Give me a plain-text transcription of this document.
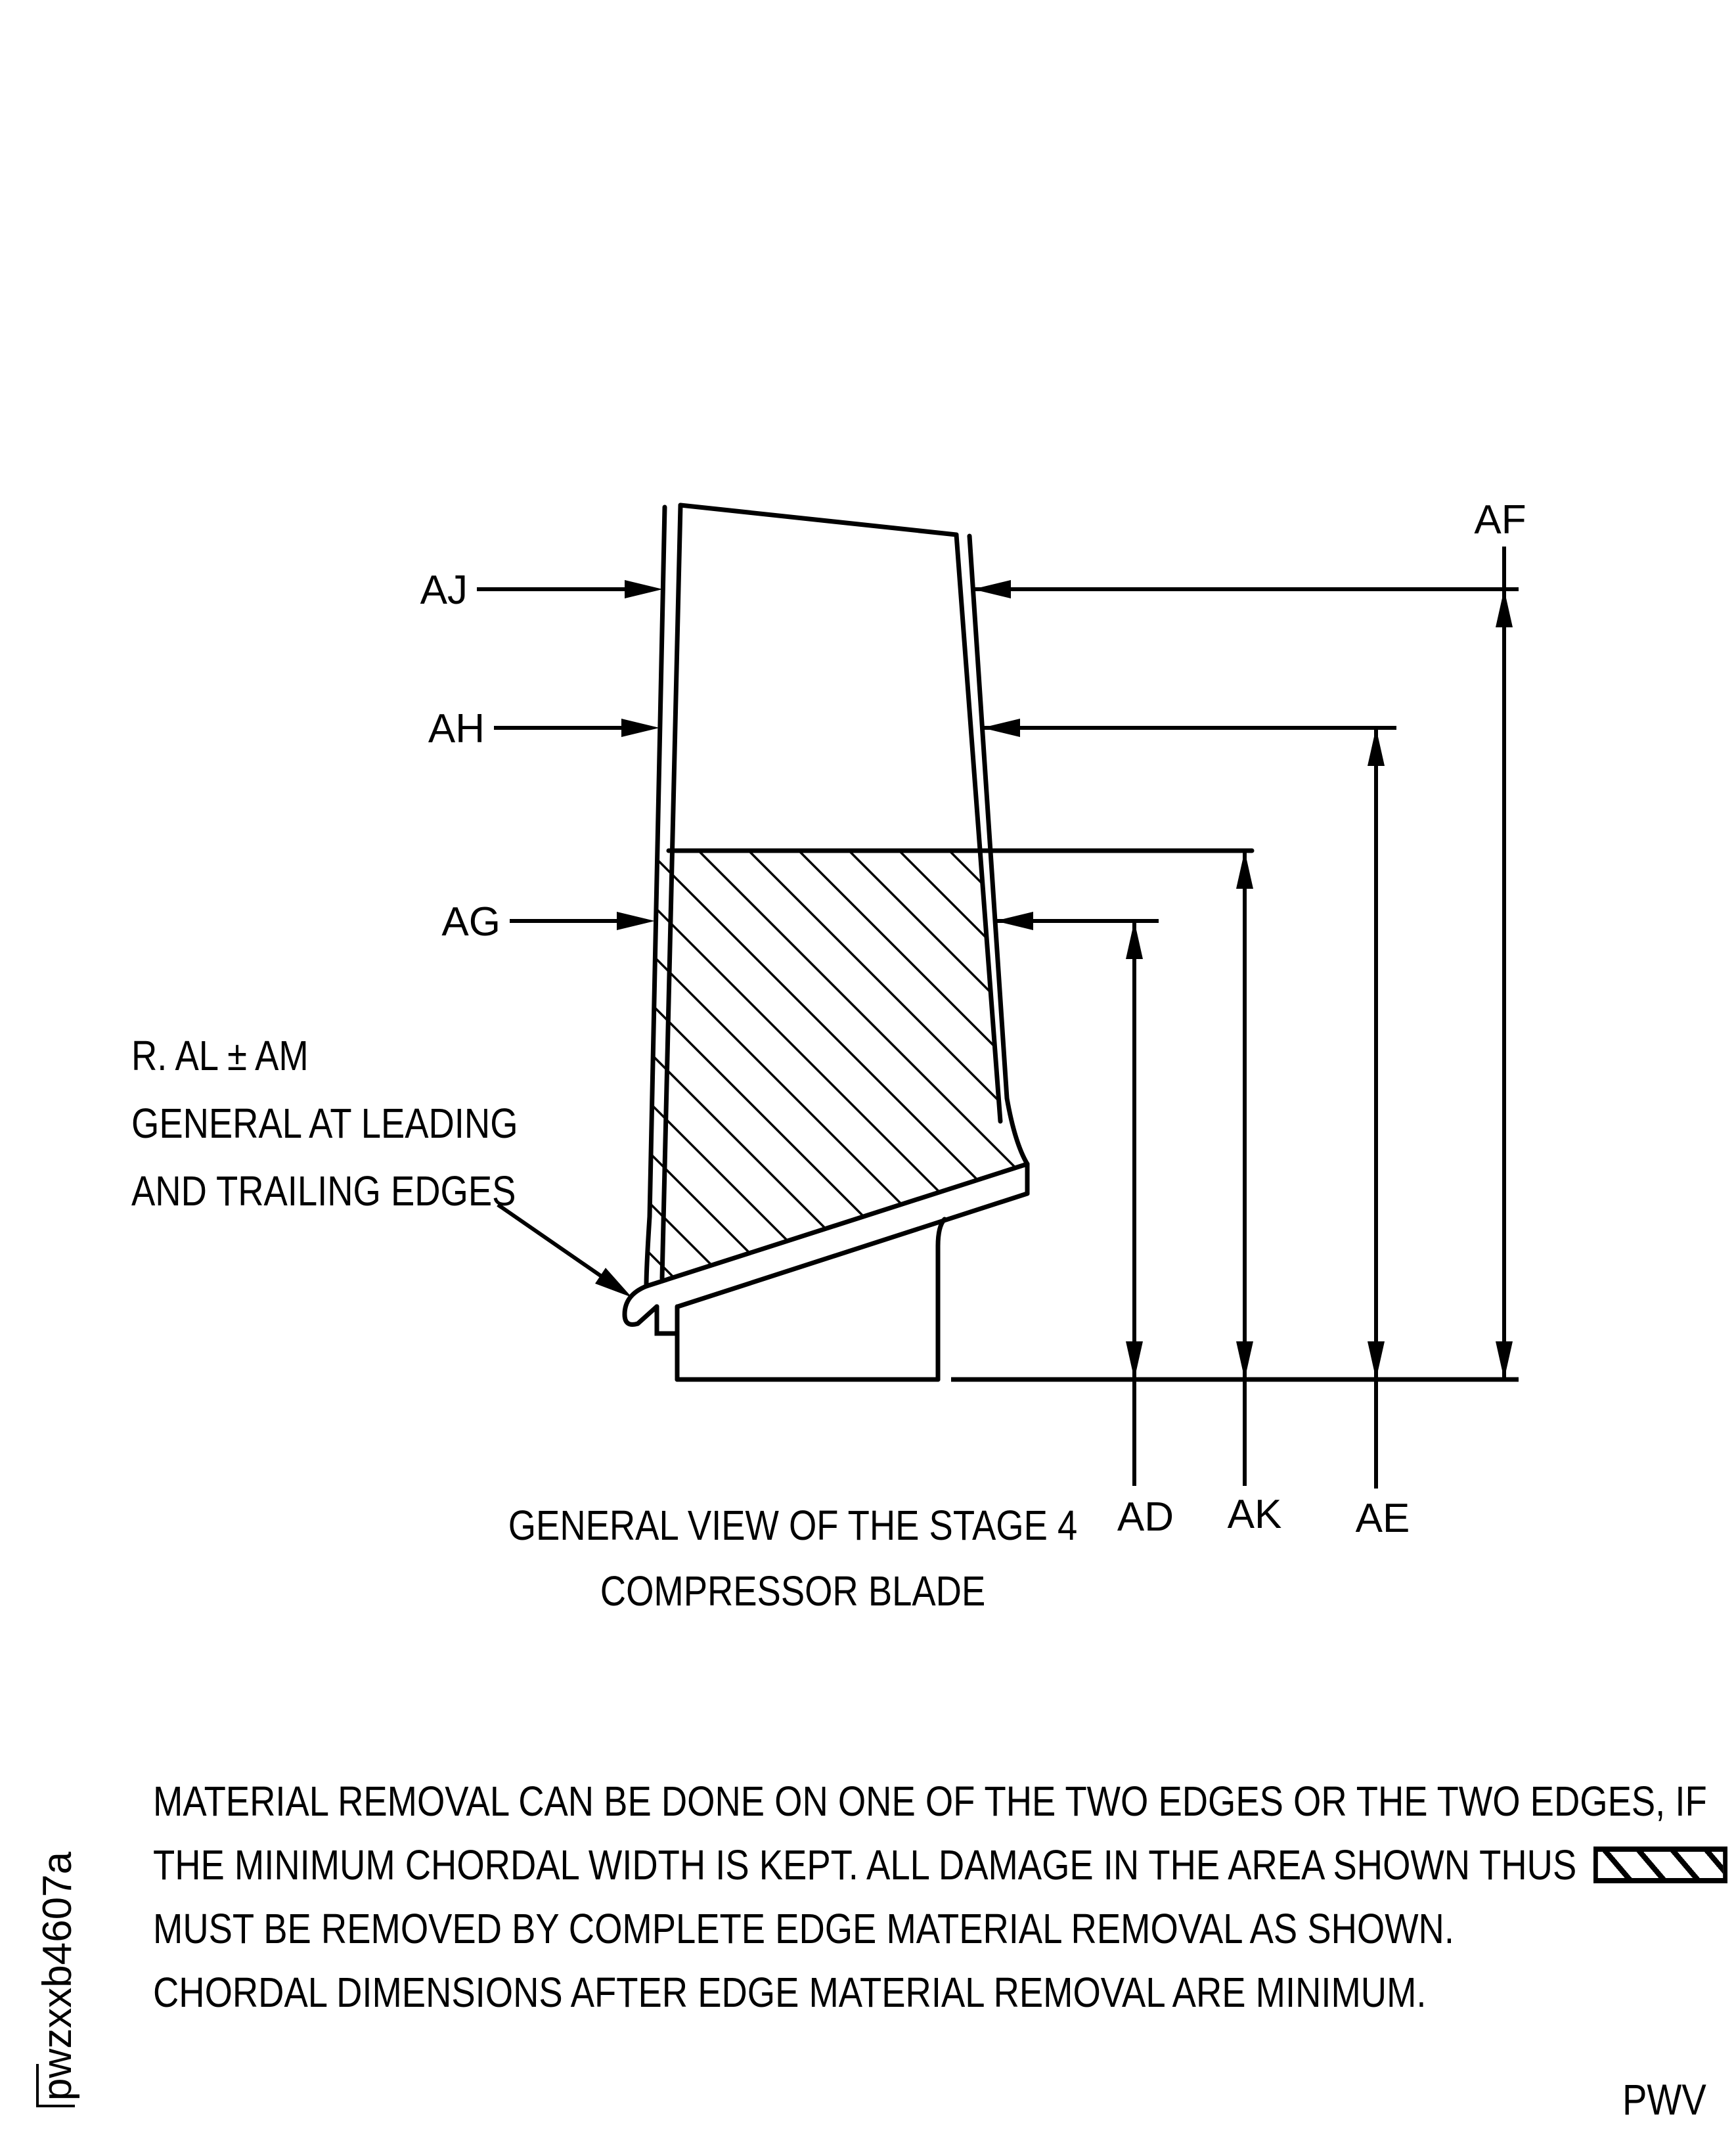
AJ
AH
AG
AF
AD AK AE
R. AL ± AM
GENERAL AT LEADING
AND TRAILING EDGES
GENERAL VIEW OF THE STAGE 4
COMPRESSOR BLADE
MATERIAL REMOVAL CAN BE DONE ON ONE OF THE TWO EDGES OR THE TWO EDGES, IF
THE MINIMUM CHORDAL WIDTH IS KEPT. ALL DAMAGE IN THE AREA SHOWN THUS
MUST BE REMOVED BY COMPLETE EDGE MATERIAL REMOVAL AS SHOWN.
CHORDAL DIMENSIONS AFTER EDGE MATERIAL REMOVAL ARE MINIMUM.
pwzxxb4607a	PWV
